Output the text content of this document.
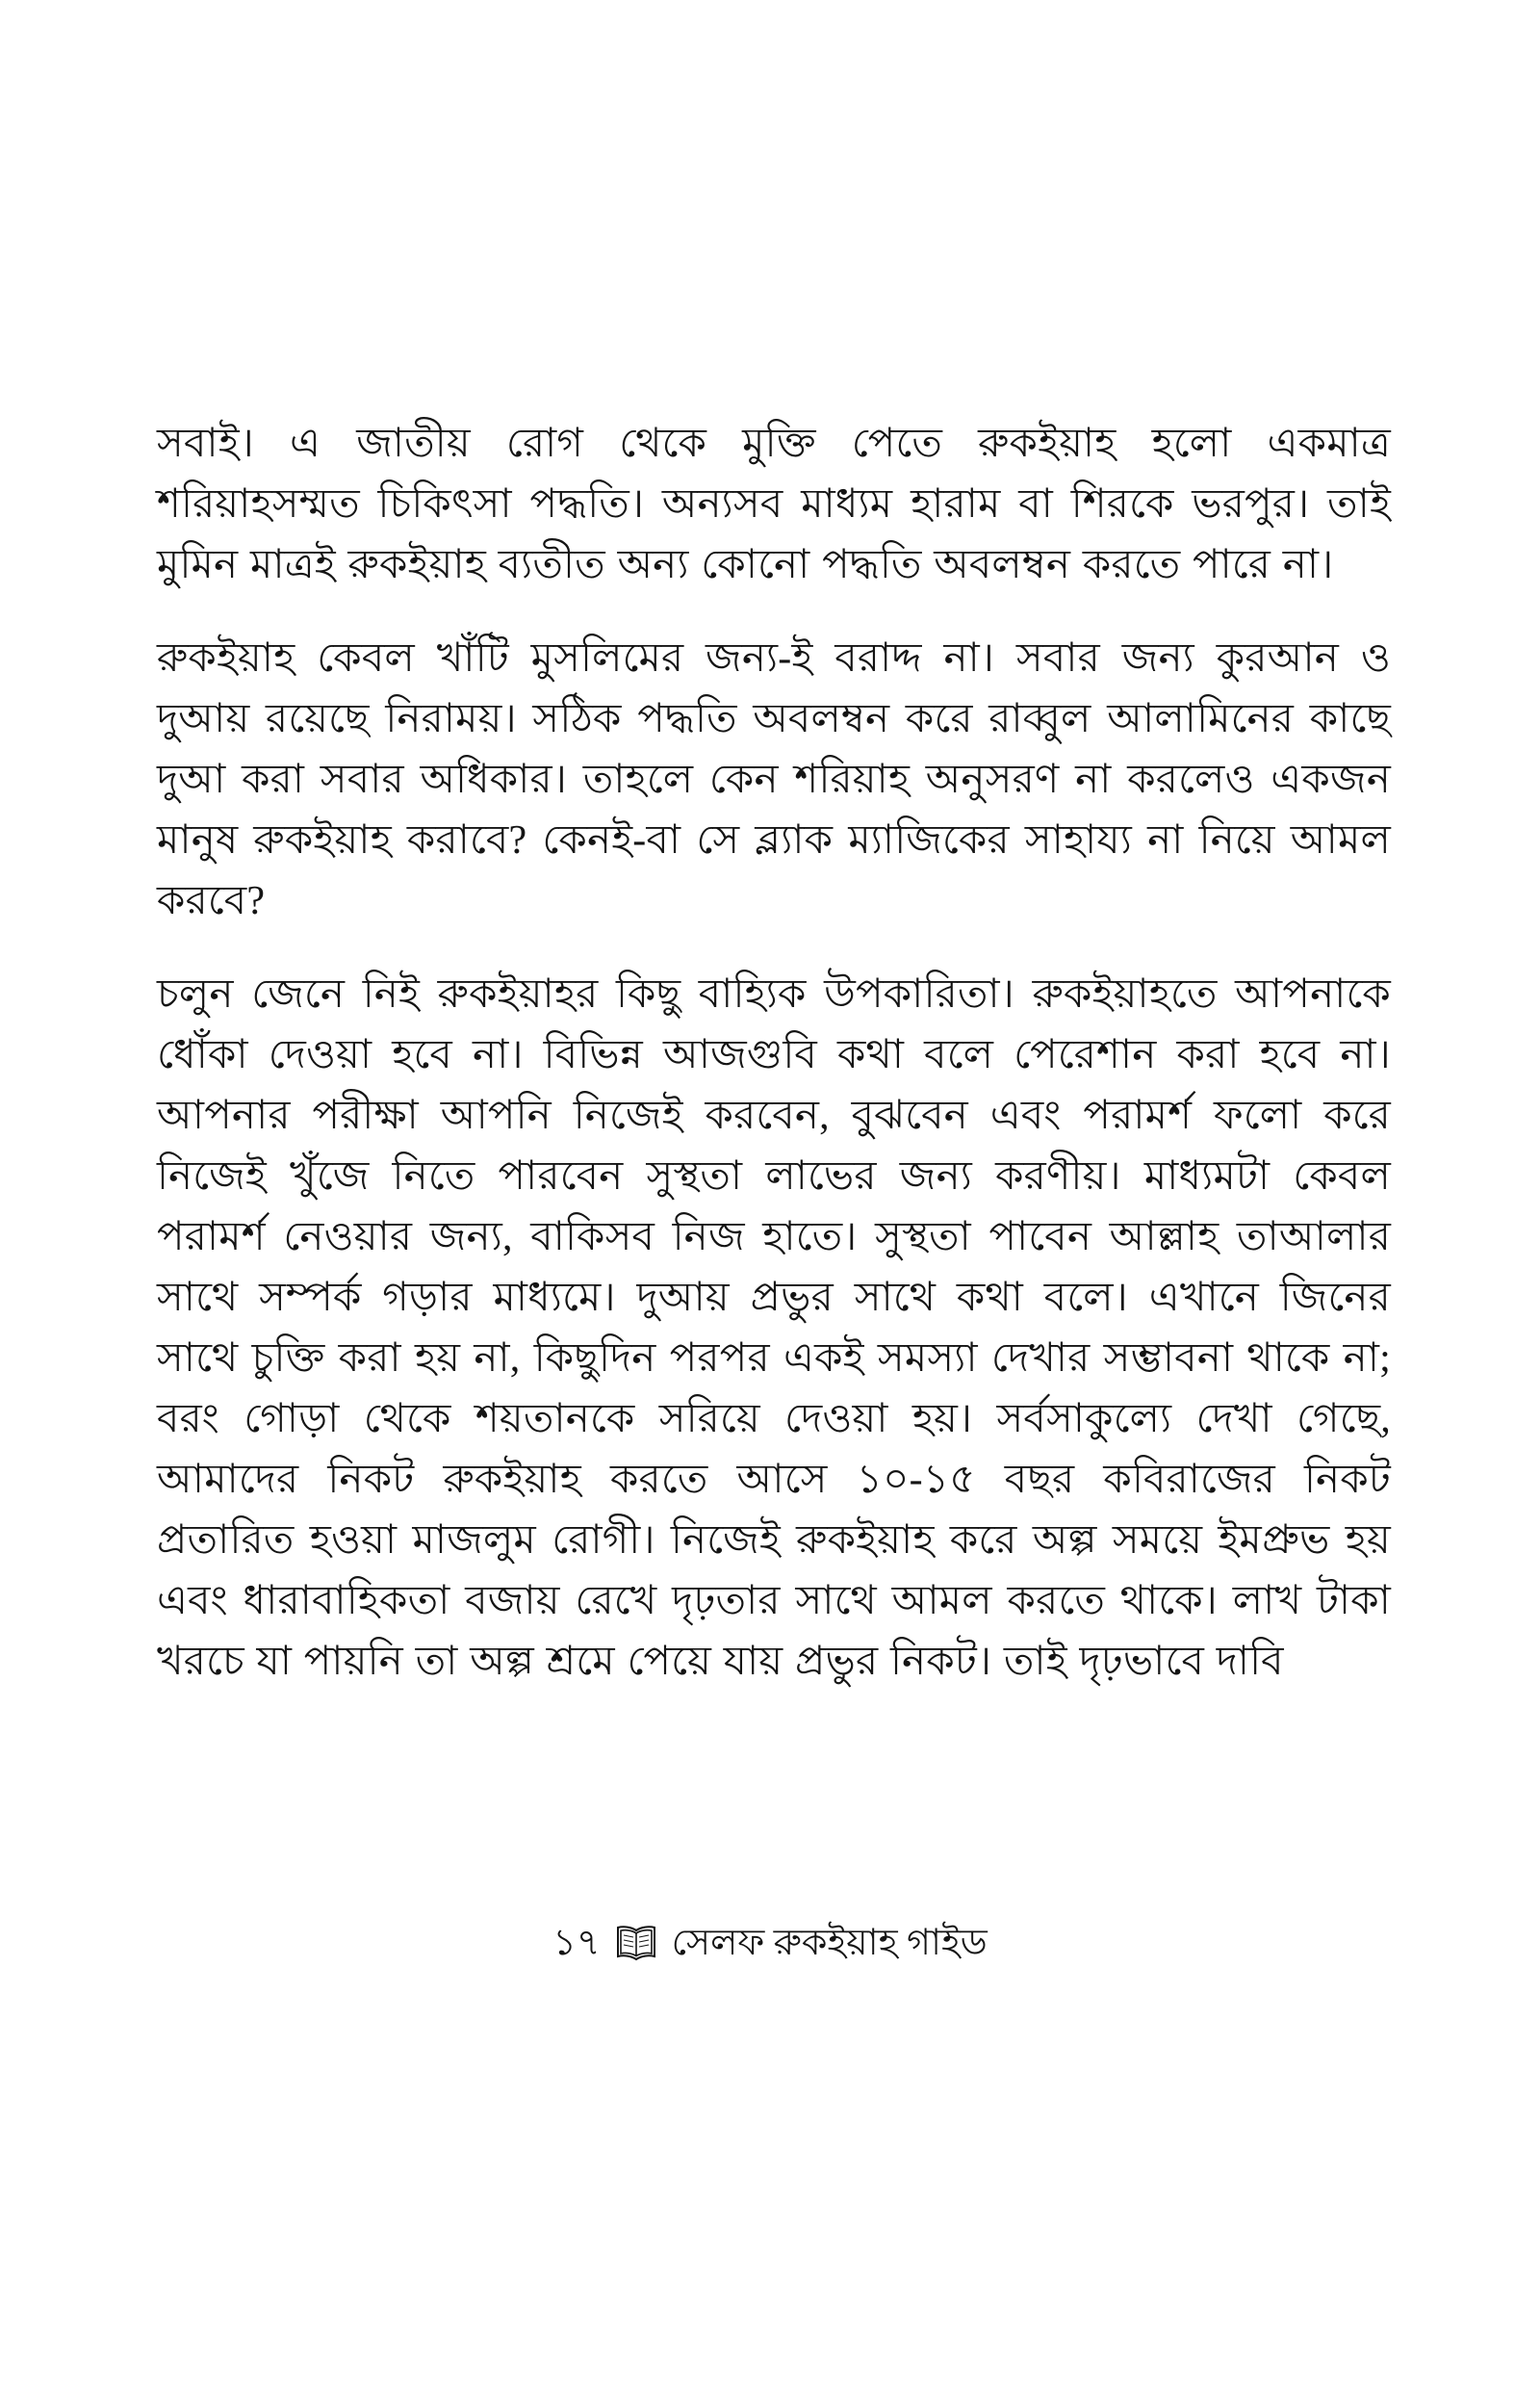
সবাই। এ জাতীয় রোগ থেকে মুক্তি পেতে রুকইয়াহ হলো একমাত্র শরিয়াহসম্মত চিকিৎসা পদ্ধতি। অন্যসব মাধ্যম হারাম বা শিরকে ভরপুর। তাই মুমিন মাত্রই রুকইয়াহ ব্যতীত অন্য কোনো পদ্ধতি অবলম্বন করতে পারে না।

রুকইয়াহ কেবল খাঁটি মুসলিমের জন্য-ই বরাদ্দ না। সবার জন্য কুরআন ও দুআয় রয়েছে নিরাময়। সঠিক পদ্ধতি অবলম্বন করে রাব্বুল আলামিনের কাছে দুআ করা সবার অধিকার। তাহলে কেন শরিয়াহ অনুসরণ না করলেও একজন মানুষ রুকইয়াহ করাবে? কেনই-বা সে ব্ল্যাক ম্যাজিকের সাহায্য না নিয়ে আমল করবে?

চলুন জেনে নিই রুকইয়াহর কিছু বাহ্যিক উপকারিতা। রুকইয়াহতে আপনাকে ধোঁকা দেওয়া হবে না। বিভিন্ন আজগুবি কথা বলে পেরেশান করা হবে না। আপনার পরীক্ষা আপনি নিজেই করবেন, বুঝবেন এবং পরামর্শ ফলো করে নিজেই খুঁজে নিতে পারবেন সুস্থতা লাভের জন্য করণীয়। মাধ্যমটা কেবল পরামর্শ নেওয়ার জন্য, বাকিসব নিজ হাতে। সুস্থতা পাবেন আল্লাহ তাআলার সাথে সম্পর্ক গড়ার মাধ্যমে। দুআয় প্রভুর সাথে কথা বলে। এখানে জিনের সাথে চুক্তি করা হয় না, কিছুদিন পরপর একই সমস্যা দেখার সম্ভাবনা থাকে না; বরং গোড়া থেকে শয়তানকে সরিয়ে দেওয়া হয়। সর্বসাকুল্যে দেখা গেছে, আমাদের নিকট রুকইয়াহ করতে আসে ১০-১৫ বছর কবিরাজের নিকট প্রতারিত হওয়া মাজলুম রোগী। নিজেই রুকইয়াহ করে অল্প সময়ে ইমপ্রুভ হয় এবং ধারাবাহিকতা বজায় রেখে দৃঢ়তার সাথে আমল করতে থাকে। লাখ টাকা খরচে যা পায়নি তা অল্প শ্রমে পেয়ে যায় প্রভুর নিকট। তাই দৃঢ়ভাবে দাবি

১৭ সেলফ রুকইয়াহ গাইড
